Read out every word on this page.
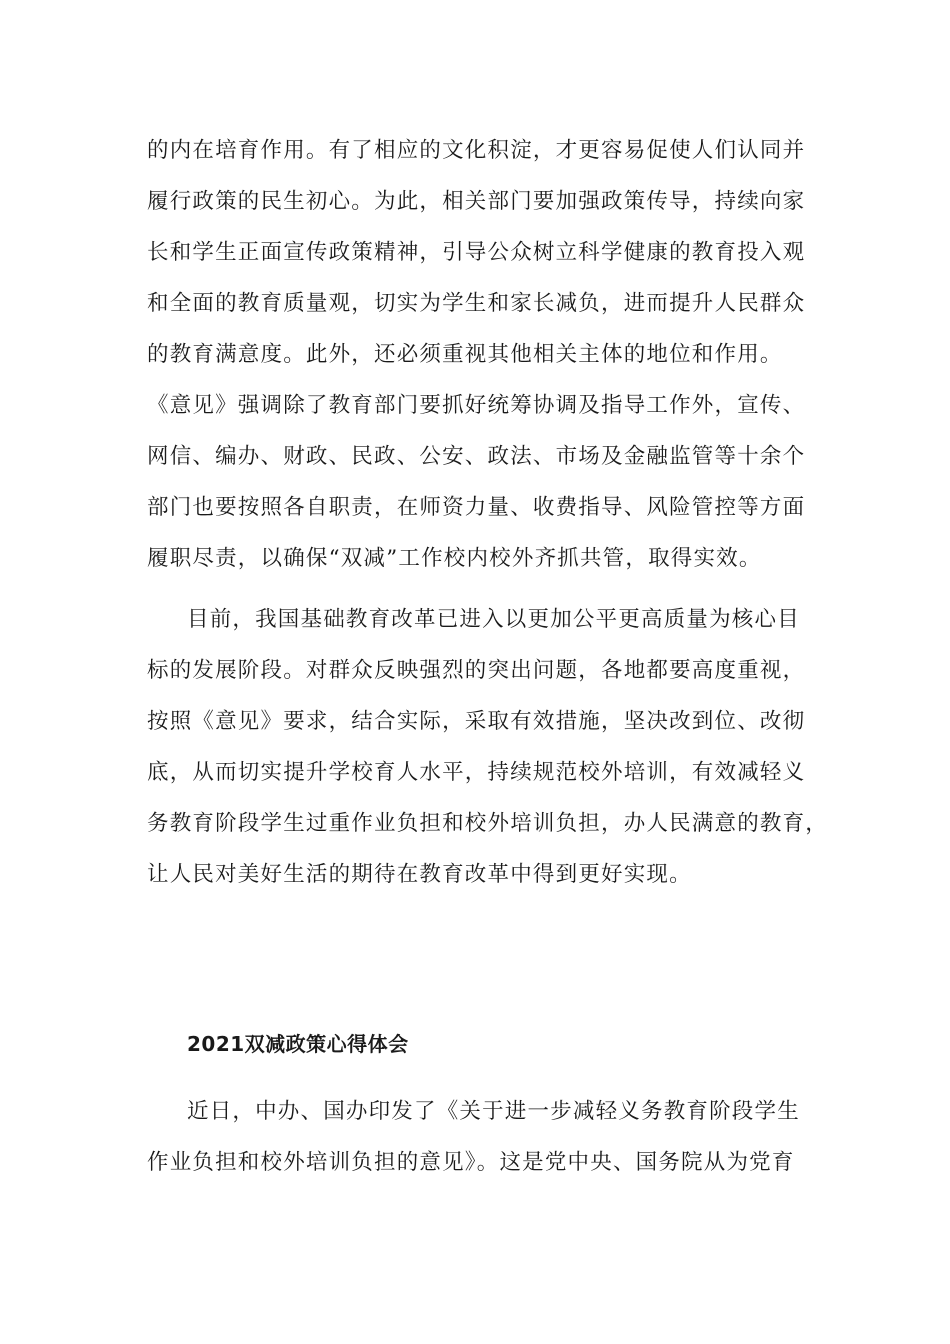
的内在培育作用。有了相应的文化积淀，才更容易促使人们认同并
履行政策的民生初心。为此，相关部门要加强政策传导，持续向家
长和学生正面宣传政策精神，引导公众树立科学健康的教育投入观
和全面的教育质量观，切实为学生和家长减负，进而提升人民群众
的教育满意度。此外，还必须重视其他相关主体的地位和作用。
《意见》强调除了教育部门要抓好统筹协调及指导工作外，宣传、
网信、编办、财政、民政、公安、政法、市场及金融监管等十余个
部门也要按照各自职责，在师资力量、收费指导、风险管控等方面
履职尽责，以确保“双减”工作校内校外齐抓共管，取得实效。
目前，我国基础教育改革已进入以更加公平更高质量为核心目
标的发展阶段。对群众反映强烈的突出问题，各地都要高度重视，
按照《意见》要求，结合实际，采取有效措施，坚决改到位、改彻
底，从而切实提升学校育人水平，持续规范校外培训，有效减轻义
务教育阶段学生过重作业负担和校外培训负担，办人民满意的教育，
让人民对美好生活的期待在教育改革中得到更好实现。
2021双减政策心得体会
近日，中办、国办印发了《关于进一步减轻义务教育阶段学生
作业负担和校外培训负担的意见》。这是党中央、国务院从为党育
